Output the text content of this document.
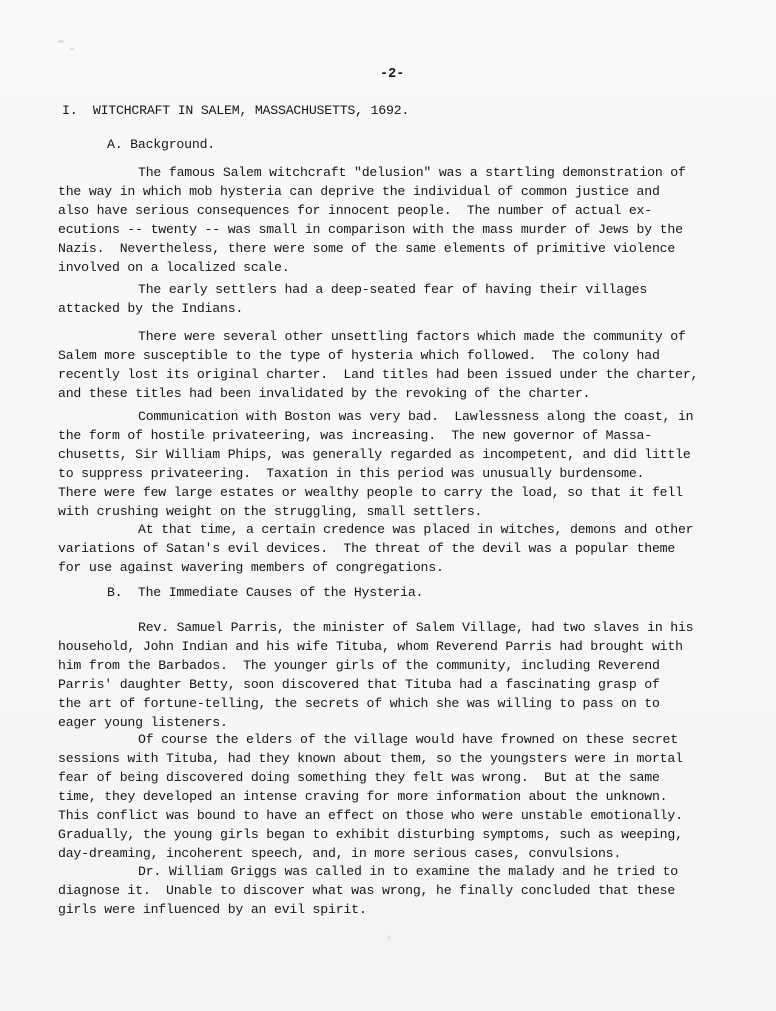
-2-
I.  WITCHCRAFT IN SALEM, MASSACHUSETTS, 1692.
A. Background.
The famous Salem witchcraft "delusion" was a startling demonstration of
the way in which mob hysteria can deprive the individual of common justice and
also have serious consequences for innocent people.  The number of actual ex-
ecutions -- twenty -- was small in comparison with the mass murder of Jews by the
Nazis.  Nevertheless, there were some of the same elements of primitive violence
involved on a localized scale.
The early settlers had a deep-seated fear of having their villages
attacked by the Indians.
There were several other unsettling factors which made the community of
Salem more susceptible to the type of hysteria which followed.  The colony had
recently lost its original charter.  Land titles had been issued under the charter,
and these titles had been invalidated by the revoking of the charter.
Communication with Boston was very bad.  Lawlessness along the coast, in
the form of hostile privateering, was increasing.  The new governor of Massa-
chusetts, Sir William Phips, was generally regarded as incompetent, and did little
to suppress privateering.  Taxation in this period was unusually burdensome.
There were few large estates or wealthy people to carry the load, so that it fell
with crushing weight on the struggling, small settlers.
At that time, a certain credence was placed in witches, demons and other
variations of Satan's evil devices.  The threat of the devil was a popular theme
for use against wavering members of congregations.
B.  The Immediate Causes of the Hysteria.
Rev. Samuel Parris, the minister of Salem Village, had two slaves in his
household, John Indian and his wife Tituba, whom Reverend Parris had brought with
him from the Barbados.  The younger girls of the community, including Reverend
Parris' daughter Betty, soon discovered that Tituba had a fascinating grasp of
the art of fortune-telling, the secrets of which she was willing to pass on to
eager young listeners.
Of course the elders of the village would have frowned on these secret
sessions with Tituba, had they known about them, so the youngsters were in mortal
fear of being discovered doing something they felt was wrong.  But at the same
time, they developed an intense craving for more information about the unknown.
This conflict was bound to have an effect on those who were unstable emotionally.
Gradually, the young girls began to exhibit disturbing symptoms, such as weeping,
day-dreaming, incoherent speech, and, in more serious cases, convulsions.
Dr. William Griggs was called in to examine the malady and he tried to
diagnose it.  Unable to discover what was wrong, he finally concluded that these
girls were influenced by an evil spirit.
